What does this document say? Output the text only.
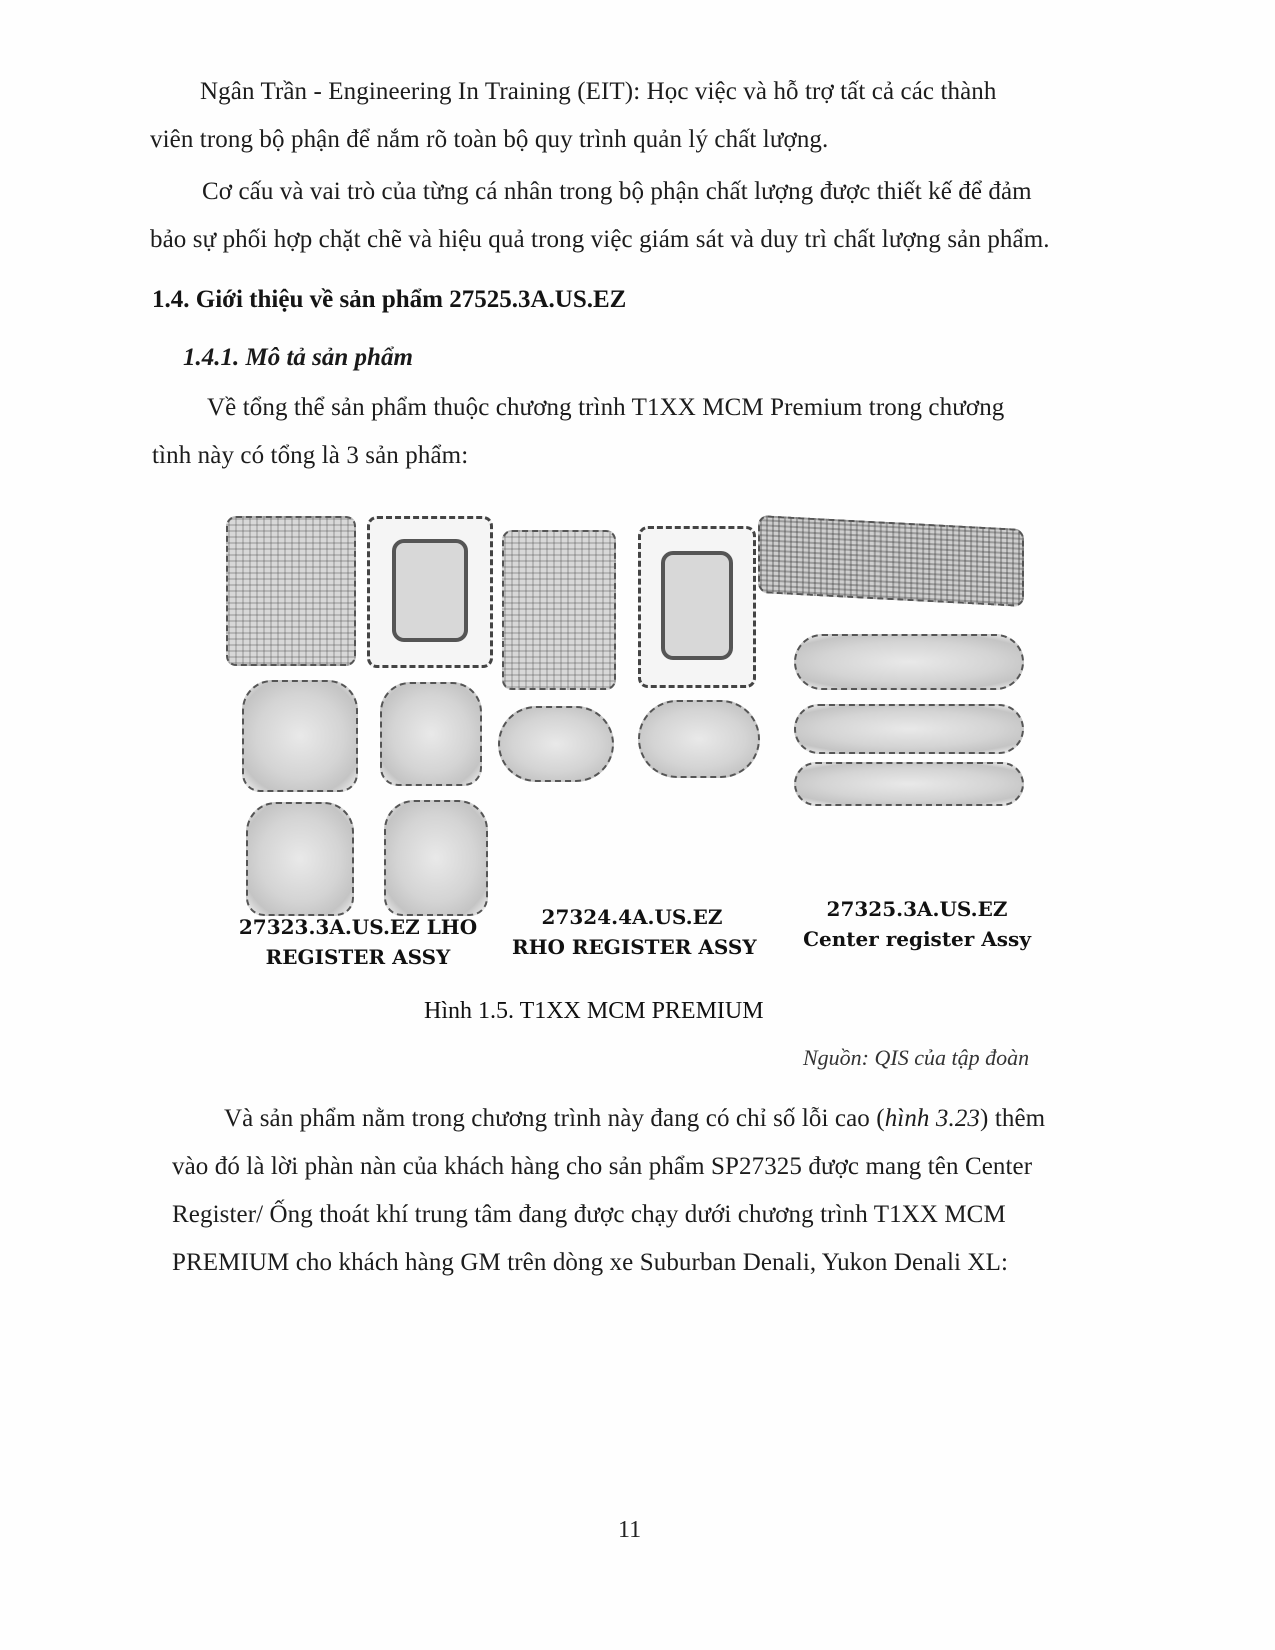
Ngân Trần - Engineering In Training (EIT): Học việc và hỗ trợ tất cả các thành
viên trong bộ phận để nắm rõ toàn bộ quy trình quản lý chất lượng.
Cơ cấu và vai trò của từng cá nhân trong bộ phận chất lượng được thiết kế để đảm
bảo sự phối hợp chặt chẽ và hiệu quả trong việc giám sát và duy trì chất lượng sản phẩm.
1.4. Giới thiệu về sản phẩm 27525.3A.US.EZ
1.4.1. Mô tả sản phẩm
Về tổng thể sản phẩm thuộc chương trình T1XX MCM Premium trong chương
tình này có tổng là 3 sản phẩm:
27323.3A.US.EZ LHO
REGISTER ASSY
27324.4A.US.EZ
RHO REGISTER ASSY
27325.3A.US.EZ
Center register Assy
Hình 1.5. T1XX MCM PREMIUM
Nguồn: QIS của tập đoàn
Và sản phẩm nằm trong chương trình này đang có chỉ số lỗi cao (hình 3.23) thêm
vào đó là lời phàn nàn của khách hàng cho sản phẩm SP27325 được mang tên Center
Register/ Ống thoát khí trung tâm đang được chạy dưới chương trình T1XX MCM
PREMIUM cho khách hàng GM trên dòng xe Suburban Denali, Yukon Denali XL:
11
